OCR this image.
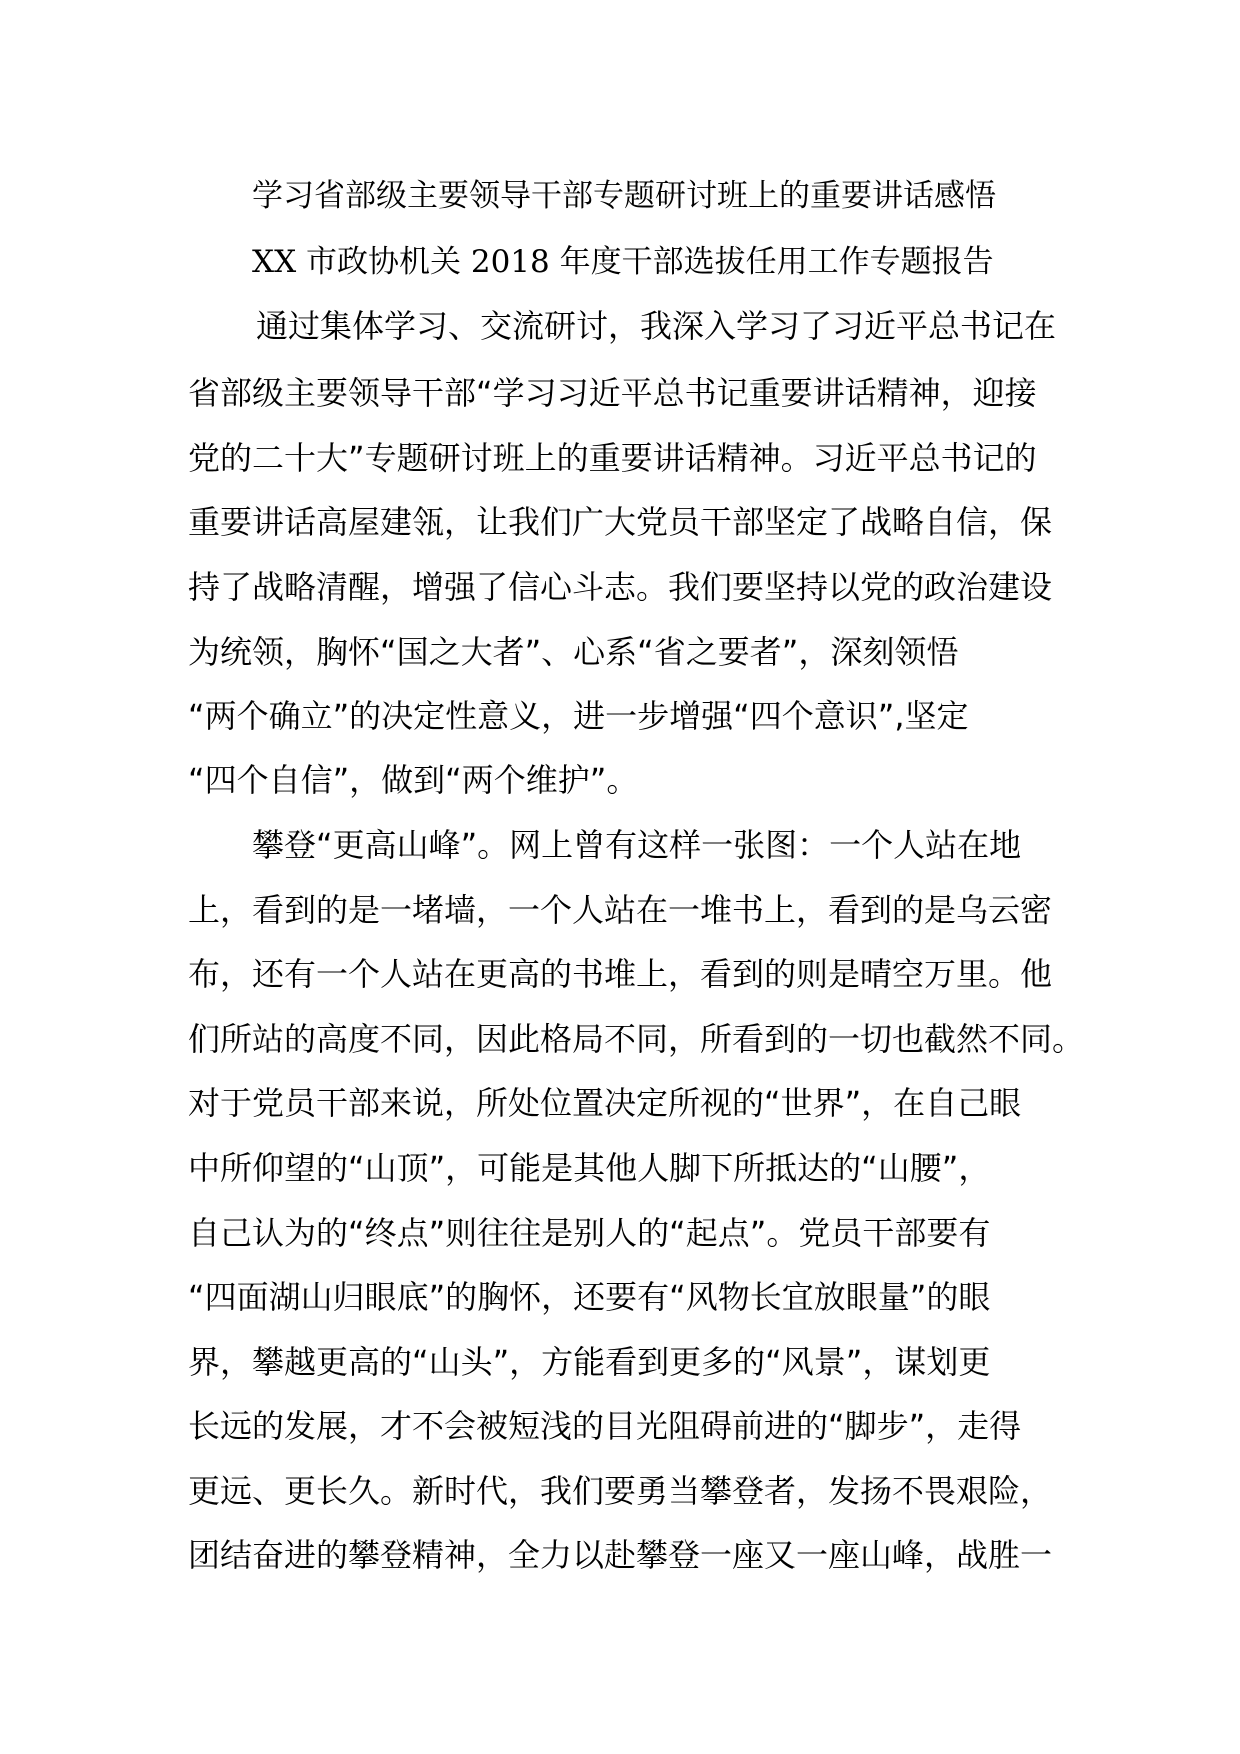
学习省部级主要领导干部专题研讨班上的重要讲话感悟
XX 市政协机关 2018 年度干部选拔任用工作专题报告

通过集体学习、交流研讨，我深入学习了习近平总书记在

省部级主要领导干部“学习习近平总书记重要讲话精神，迎接

党的二十大”专题研讨班上的重要讲话精神。习近平总书记的

重要讲话高屋建瓴，让我们广大党员干部坚定了战略自信，保

持了战略清醒，增强了信心斗志。我们要坚持以党的政治建设

为统领，胸怀“国之大者”、心系“省之要者”，深刻领悟

“两个确立”的决定性意义，进一步增强“四个意识”,坚定

“四个自信”，做到“两个维护”。

攀登“更高山峰”。网上曾有这样一张图：一个人站在地

上，看到的是一堵墙，一个人站在一堆书上，看到的是乌云密

布，还有一个人站在更高的书堆上，看到的则是晴空万里。他

们所站的高度不同，因此格局不同，所看到的一切也截然不同。

对于党员干部来说，所处位置决定所视的“世界”，在自己眼

中所仰望的“山顶”，可能是其他人脚下所抵达的“山腰”，

自己认为的“终点”则往往是别人的“起点”。党员干部要有

“四面湖山归眼底”的胸怀，还要有“风物长宜放眼量”的眼

界，攀越更高的“山头”，方能看到更多的“风景”，谋划更

长远的发展，才不会被短浅的目光阻碍前进的“脚步”，走得

更远、更长久。新时代，我们要勇当攀登者，发扬不畏艰险，

团结奋进的攀登精神，全力以赴攀登一座又一座山峰，战胜一
